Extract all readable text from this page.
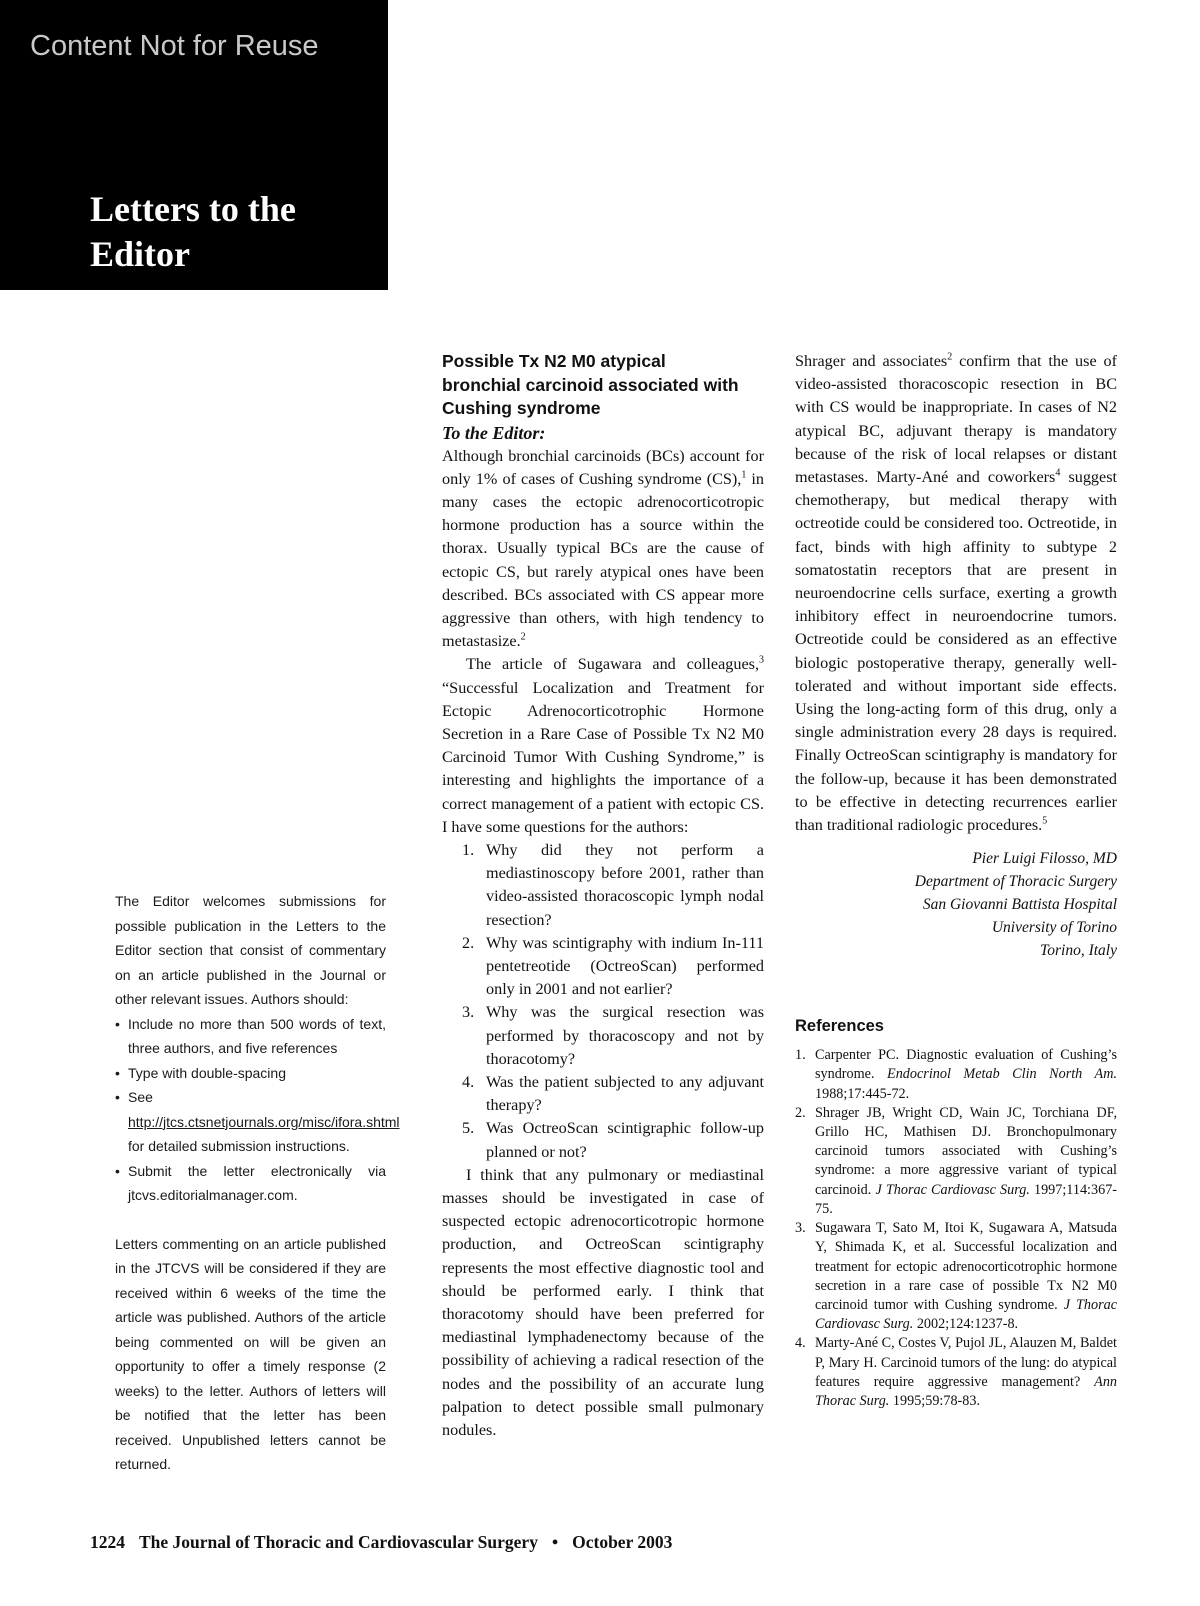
Content Not for Reuse
Letters to the
Editor

The Editor welcomes submissions for possible publication in the Letters to the Editor section that consist of commentary on an article published in the Journal or other relevant issues. Authors should:

• Include no more than 500 words of text, three authors, and five references
• Type with double-spacing
• See http://jtcs.ctsnetjournals.org/misc/ifora.shtml for detailed submission instructions.
• Submit the letter electronically via jtcvs.editorialmanager.com.

Letters commenting on an article published in the JTCVS will be considered if they are received within 6 weeks of the time the article was published. Authors of the article being commented on will be given an opportunity to offer a timely response (2 weeks) to the letter. Authors of letters will be notified that the letter has been received. Unpublished letters cannot be returned.

Possible Tx N2 M0 atypical
bronchial carcinoid associated with
Cushing syndrome
To the Editor:

Although bronchial carcinoids (BCs) account for only 1% of cases of Cushing syndrome (CS),$^1$ in many cases the ectopic adrenocorticotropic hormone production has a source within the thorax. Usually typical BCs are the cause of ectopic CS, but rarely atypical ones have been described. BCs associated with CS appear more aggressive than others, with high tendency to metastasize.$^2$

The article of Sugawara and colleagues,$^3$ “Successful Localization and Treatment for Ectopic Adrenocorticotrophic Hormone Secretion in a Rare Case of Possible Tx N2 M0 Carcinoid Tumor With Cushing Syndrome,” is interesting and highlights the importance of a correct management of a patient with ectopic CS. I have some questions for the authors:

1. Why did they not perform a mediastinoscopy before 2001, rather than video-assisted thoracoscopic lymph nodal resection?
2. Why was scintigraphy with indium In-111 pentetreotide (OctreoScan) performed only in 2001 and not earlier?
3. Why was the surgical resection was performed by thoracoscopy and not by thoracotomy?
4. Was the patient subjected to any adjuvant therapy?
5. Was OctreoScan scintigraphic follow-up planned or not?

I think that any pulmonary or mediastinal masses should be investigated in case of suspected ectopic adrenocorticotropic hormone production, and OctreoScan scintigraphy represents the most effective diagnostic tool and should be performed early. I think that thoracotomy should have been preferred for mediastinal lymphadenectomy because of the possibility of achieving a radical resection of the nodes and the possibility of an accurate lung palpation to detect possible small pulmonary nodules.

Shrager and associates$^2$ confirm that the use of video-assisted thoracoscopic resection in BC with CS would be inappropriate. In cases of N2 atypical BC, adjuvant therapy is mandatory because of the risk of local relapses or distant metastases. Marty-Ané and coworkers$^4$ suggest chemotherapy, but medical therapy with octreotide could be considered too. Octreotide, in fact, binds with high affinity to subtype 2 somatostatin receptors that are present in neuroendocrine cells surface, exerting a growth inhibitory effect in neuroendocrine tumors. Octreotide could be considered as an effective biologic postoperative therapy, generally well-tolerated and without important side effects. Using the long-acting form of this drug, only a single administration every 28 days is required. Finally OctreoScan scintigraphy is mandatory for the follow-up, because it has been demonstrated to be effective in detecting recurrences earlier than traditional radiologic procedures.$^5$

Pier Luigi Filosso, MD
Department of Thoracic Surgery
San Giovanni Battista Hospital
University of Torino
Torino, Italy
References
1. Carpenter PC. Diagnostic evaluation of Cushing’s syndrome. Endocrinol Metab Clin North Am. 1988;17:445-72.
2. Shrager JB, Wright CD, Wain JC, Torchiana DF, Grillo HC, Mathisen DJ. Bronchopulmonary carcinoid tumors associated with Cushing’s syndrome: a more aggressive variant of typical carcinoid. J Thorac Cardiovasc Surg. 1997;114:367-75.
3. Sugawara T, Sato M, Itoi K, Sugawara A, Matsuda Y, Shimada K, et al. Successful localization and treatment for ectopic adrenocorticotrophic hormone secretion in a rare case of possible Tx N2 M0 carcinoid tumor with Cushing syndrome. J Thorac Cardiovasc Surg. 2002;124:1237-8.
4. Marty-Ané C, Costes V, Pujol JL, Alauzen M, Baldet P, Mary H. Carcinoid tumors of the lung: do atypical features require aggressive management? Ann Thorac Surg. 1995;59:78-83.
1224 The Journal of Thoracic and Cardiovascular Surgery • October 2003
